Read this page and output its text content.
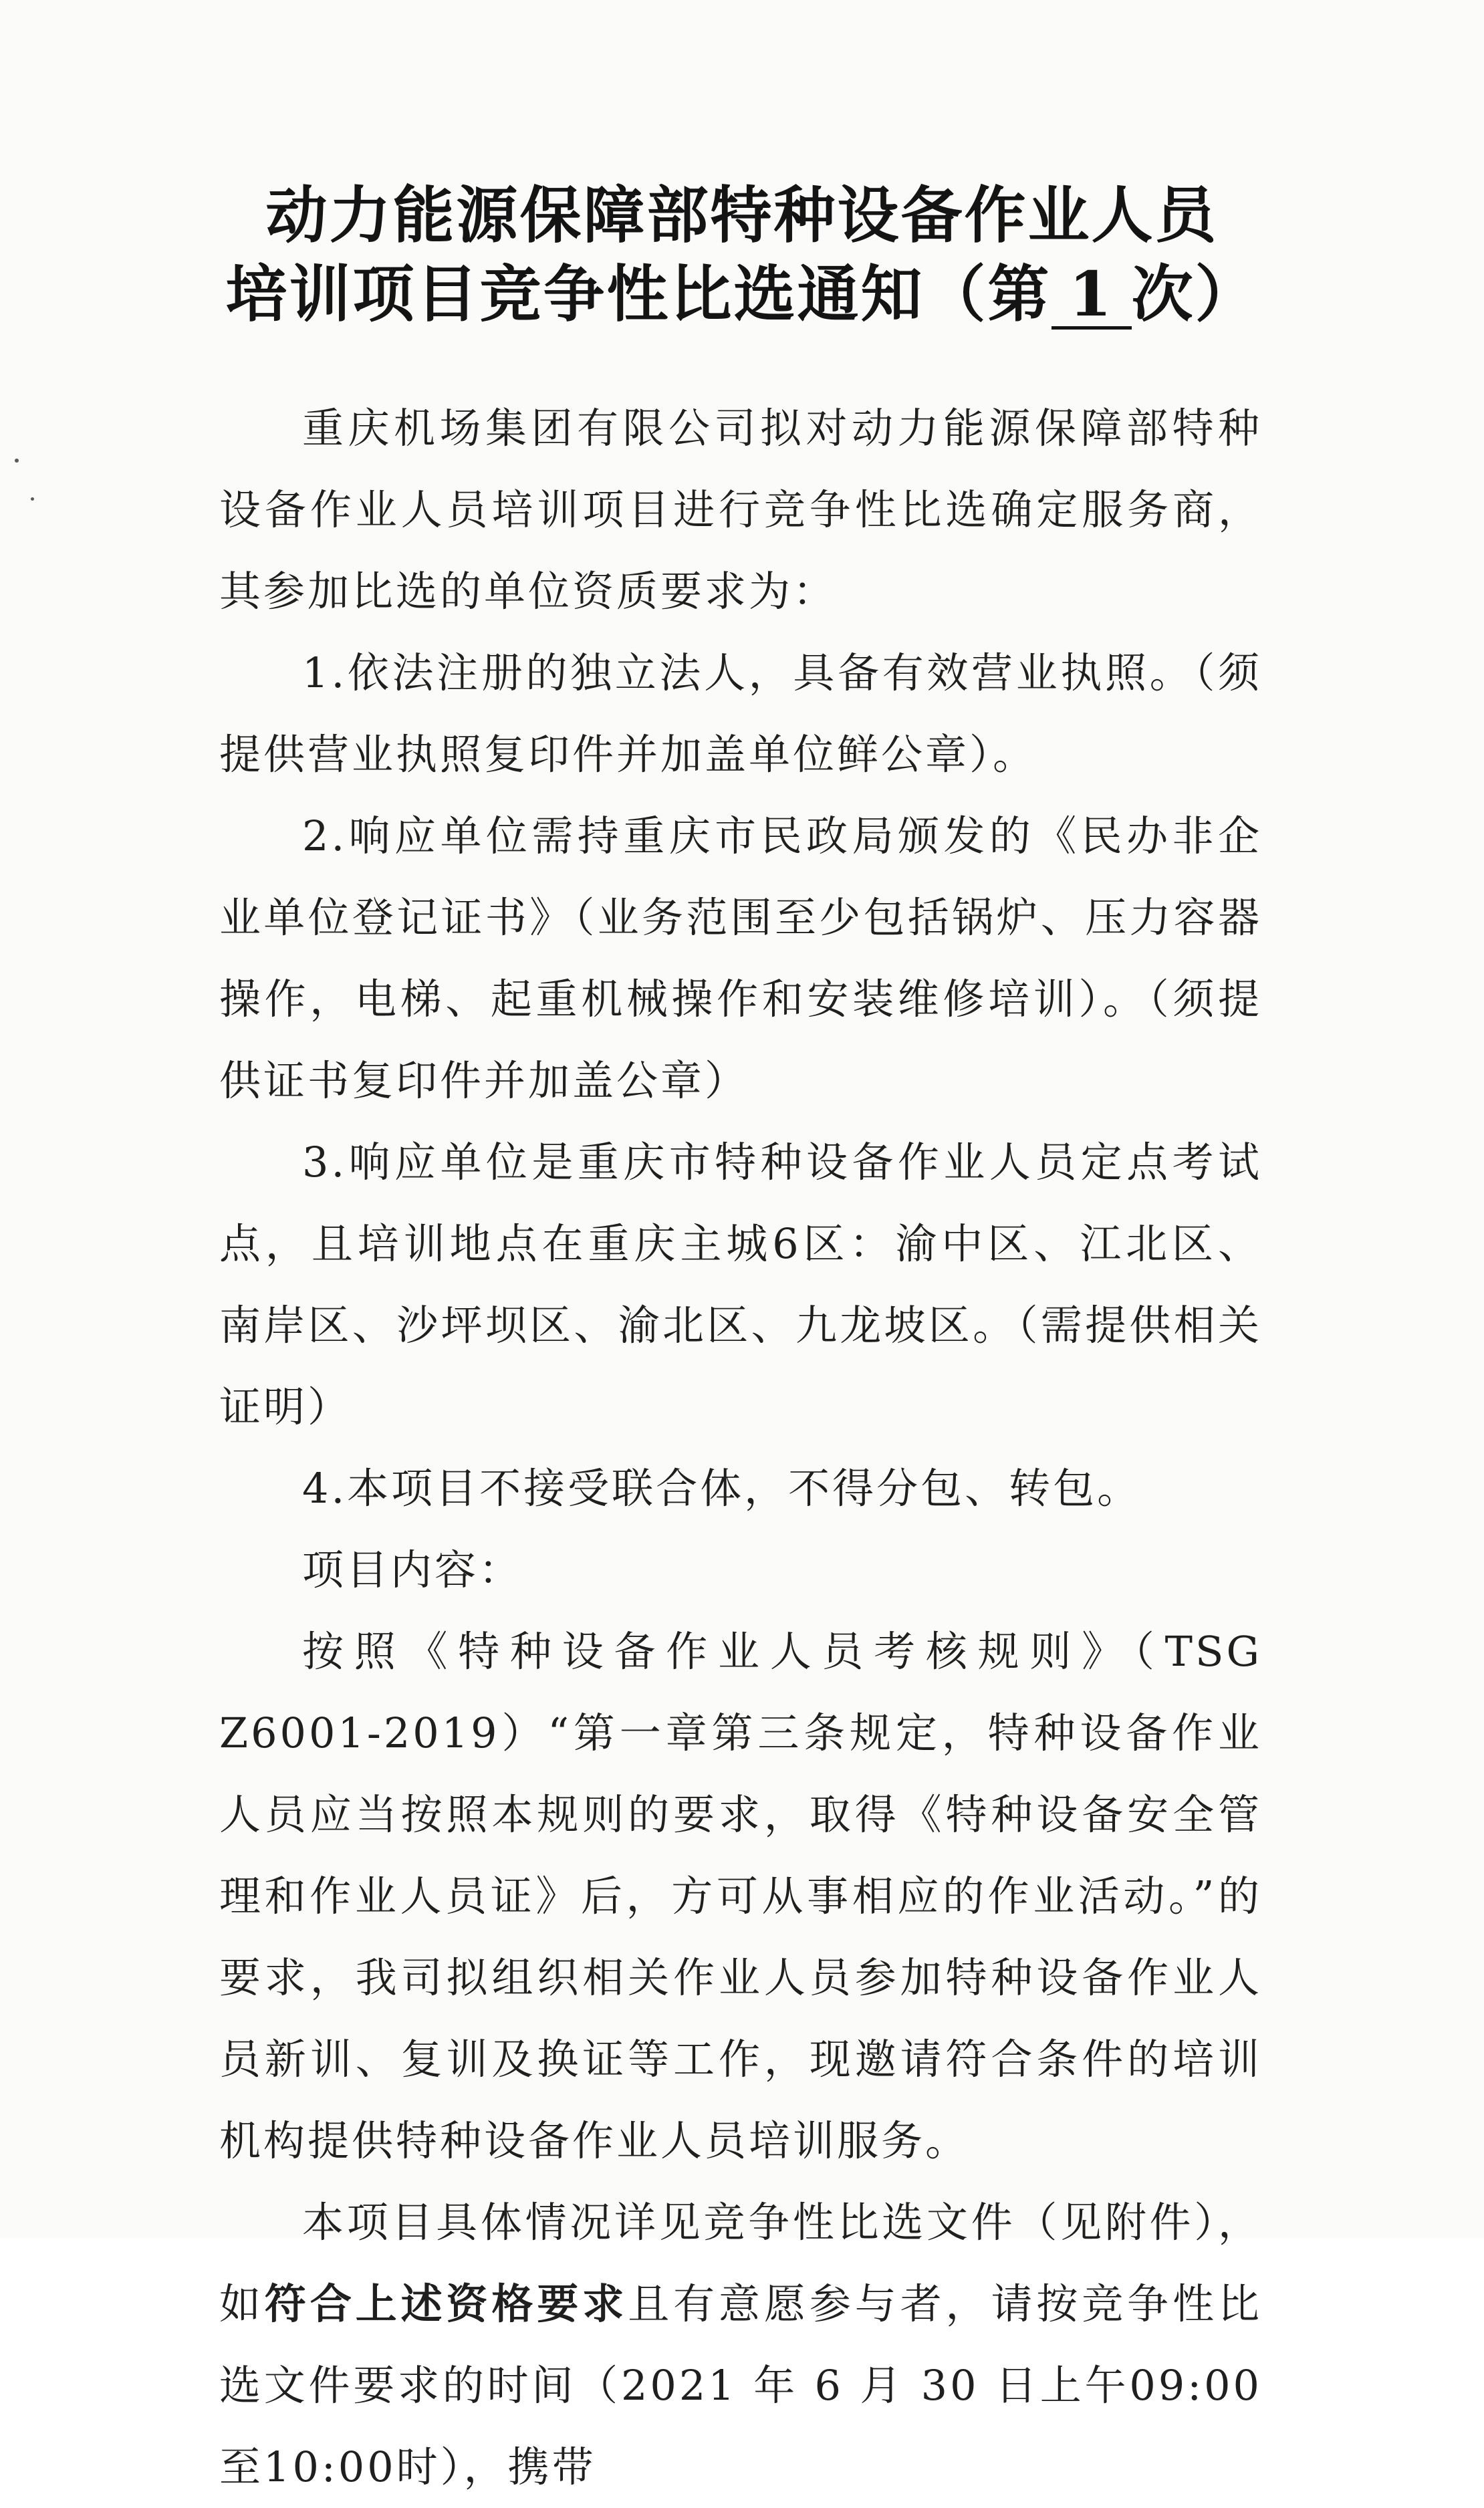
动力能源保障部特种设备作业人员
培训项目竞争性比选通知（第 1 次）

重庆机场集团有限公司拟对动力能源保障部特种设备作业人员培训项目进行竞争性比选确定服务商，其参加比选的单位资质要求为：

1.依法注册的独立法人，具备有效营业执照。（须提供营业执照复印件并加盖单位鲜公章）。

2.响应单位需持重庆市民政局颁发的《民办非企业单位登记证书》（业务范围至少包括锅炉、压力容器操作，电梯、起重机械操作和安装维修培训）。（须提供证书复印件并加盖公章）

3.响应单位是重庆市特种设备作业人员定点考试点，且培训地点在重庆主城6区：渝中区、江北区、南岸区、沙坪坝区、渝北区、九龙坡区。（需提供相关证明）

4.本项目不接受联合体，不得分包、转包。

项目内容：

按照《特种设备作业人员考核规则》（TSG Z6001-2019）“第一章第三条规定，特种设备作业人员应当按照本规则的要求，取得《特种设备安全管理和作业人员证》后，方可从事相应的作业活动。”的要求，我司拟组织相关作业人员参加特种设备作业人员新训、复训及换证等工作，现邀请符合条件的培训机构提供特种设备作业人员培训服务。

本项目具体情况详见竞争性比选文件（见附件），如符合上述资格要求且有意愿参与者，请按竞争性比选文件要求的时间（2021 年 6 月 30 日上午09:00至10:00时），携带
